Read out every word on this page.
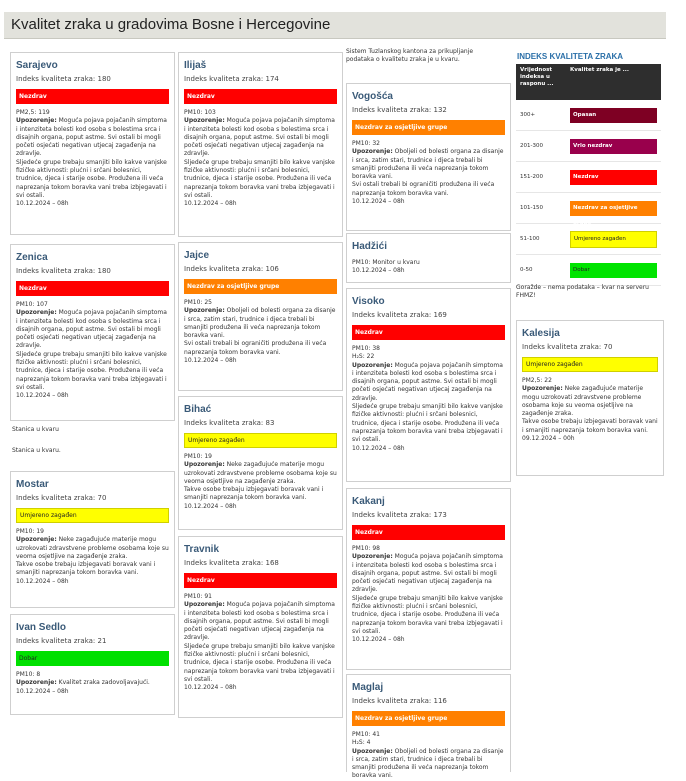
Kvalitet zraka u gradovima Bosne i Hercegovine
Sarajevo
Indeks kvaliteta zraka: 180
Nezdrav
PM2,5: 119
Upozorenje: Moguća pojava pojačanih simptoma i intenziteta bolesti kod osoba s bolestima srca i disajnih organa, poput astme. Svi ostali bi mogli početi osjećati negativan utjecaj zagađenja na zdravlje.
Sljedeće grupe trebaju smanjiti bilo kakve vanjske fizičke aktivnosti: plućni i srčani bolesnici, trudnice, djeca i starije osobe. Produžena ili veća naprezanja tokom boravka vani treba izbjegavati i svi ostali.
10.12.2024 – 08h
Zenica
Indeks kvaliteta zraka: 180
Nezdrav
PM10: 107
Upozorenje: Moguća pojava pojačanih simptoma i intenziteta bolesti kod osoba s bolestima srca i disajnih organa, poput astme. Svi ostali bi mogli početi osjećati negativan utjecaj zagađenja na zdravlje.
Sljedeće grupe trebaju smanjiti bilo kakve vanjske fizičke aktivnosti: plućni i srčani bolesnici, trudnice, djeca i starije osobe. Produžena ili veća naprezanja tokom boravka vani treba izbjegavati i svi ostali.
10.12.2024 – 08h
Stanica u kvaru
Stanica u kvaru.
Mostar
Indeks kvaliteta zraka: 70
Umjereno zagađen
PM10: 19
Upozorenje: Neke zagađujuće materije mogu uzrokovati zdravstvene probleme osobama koje su veoma osjetljive na zagađenje zraka.
Takve osobe trebaju izbjegavati boravak vani i smanjiti naprezanja tokom boravka vani.
10.12.2024 – 08h
Ivan Sedlo
Indeks kvaliteta zraka: 21
Dobar
PM10: 8
Upozorenje: Kvalitet zraka zadovoljavajući.
10.12.2024 – 08h
Ilijaš
Indeks kvaliteta zraka: 174
Nezdrav
PM10: 103
Upozorenje: Moguća pojava pojačanih simptoma i intenziteta bolesti kod osoba s bolestima srca i disajnih organa, poput astme. Svi ostali bi mogli početi osjećati negativan utjecaj zagađenja na zdravlje.
Sljedeće grupe trebaju smanjiti bilo kakve vanjske fizičke aktivnosti: plućni i srčani bolesnici, trudnice, djeca i starije osobe. Produžena ili veća naprezanja tokom boravka vani treba izbjegavati i svi ostali.
10.12.2024 – 08h
Jajce
Indeks kvaliteta zraka: 106
Nezdrav za osjetljive grupe
PM10: 25
Upozorenje: Oboljeli od bolesti organa za disanje i srca, zatim stari, trudnice i djeca trebali bi smanjiti produžena ili veća naprezanja tokom boravka vani.
Svi ostali trebali bi ograničiti produžena ili veća naprezanja tokom boravka vani.
10.12.2024 – 08h
Bihać
Indeks kvaliteta zraka: 83
Umjereno zagađen
PM10: 19
Upozorenje: Neke zagađujuće materije mogu uzrokovati zdravstvene probleme osobama koje su veoma osjetljive na zagađenje zraka.
Takve osobe trebaju izbjegavati boravak vani i smanjiti naprezanja tokom boravka vani.
10.12.2024 – 08h
Travnik
Indeks kvaliteta zraka: 168
Nezdrav
PM10: 91
Upozorenje: Moguća pojava pojačanih simptoma i intenziteta bolesti kod osoba s bolestima srca i disajnih organa, poput astme. Svi ostali bi mogli početi osjećati negativan utjecaj zagađenja na zdravlje.
Sljedeće grupe trebaju smanjiti bilo kakve vanjske fizičke aktivnosti: plućni i srčani bolesnici, trudnice, djeca i starije osobe. Produžena ili veća naprezanja tokom boravka vani treba izbjegavati i svi ostali.
10.12.2024 – 08h
Sistem Tuzlanskog kantona za prikupljanje podataka o kvalitetu zraka je u kvaru.
Vogošća
Indeks kvaliteta zraka: 132
Nezdrav za osjetljive grupe
PM10: 32
Upozorenje: Oboljeli od bolesti organa za disanje i srca, zatim stari, trudnice i djeca trebali bi smanjiti produžena ili veća naprezanja tokom boravka vani.
Svi ostali trebali bi ograničiti produžena ili veća naprezanja tokom boravka vani.
10.12.2024 – 08h
Hadžići
PM10: Monitor u kvaru
10.12.2024 – 08h
Visoko
Indeks kvaliteta zraka: 169
Nezdrav
PM10: 38
H₂S: 22
Upozorenje: Moguća pojava pojačanih simptoma i intenziteta bolesti kod osoba s bolestima srca i disajnih organa, poput astme. Svi ostali bi mogli početi osjećati negativan utjecaj zagađenja na zdravlje.
Sljedeće grupe trebaju smanjiti bilo kakve vanjske fizičke aktivnosti: plućni i srčani bolesnici, trudnice, djeca i starije osobe. Produžena ili veća naprezanja tokom boravka vani treba izbjegavati i svi ostali.
10.12.2024 – 08h
Kakanj
Indeks kvaliteta zraka: 173
Nezdrav
PM10: 98
Upozorenje: Moguća pojava pojačanih simptoma i intenziteta bolesti kod osoba s bolestima srca i disajnih organa, poput astme. Svi ostali bi mogli početi osjećati negativan utjecaj zagađenja na zdravlje.
Sljedeće grupe trebaju smanjiti bilo kakve vanjske fizičke aktivnosti: plućni i srčani bolesnici, trudnice, djeca i starije osobe. Produžena ili veća naprezanja tokom boravka vani treba izbjegavati i svi ostali.
10.12.2024 – 08h
Maglaj
Indeks kvaliteta zraka: 116
Nezdrav za osjetljive grupe
PM10: 41
H₂S: 4
Upozorenje: Oboljeli od bolesti organa za disanje i srca, zatim stari, trudnice i djeca trebali bi smanjiti produžena ili veća naprezanja tokom boravka vani.
INDEKS KVALITETA ZRAKA
Vrijednost indeksa u rasponu ...	Kvalitet zraka je ...
300+	Opasan

201-300	Vrlo nezdrav

151-200	Nezdrav

101-150	Nezdrav za osjetljive grupe

51-100	Umjereno zagađen

0-50	Dobar
Goražde – nema podataka – kvar na serveru FHMZ!
Kalesija
Indeks kvaliteta zraka: 70
Umjereno zagađen
PM2,5: 22
Upozorenje: Neke zagađujuće materije mogu uzrokovati zdravstvene probleme osobama koje su veoma osjetljive na zagađenje zraka.
Takve osobe trebaju izbjegavati boravak vani i smanjiti naprezanja tokom boravka vani.
09.12.2024 – 00h
